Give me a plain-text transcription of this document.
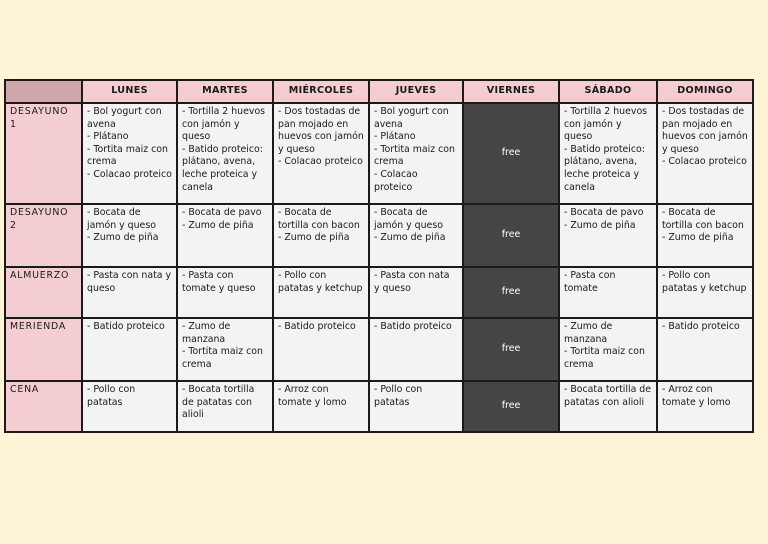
	LUNES	MARTES	MIÉRCOLES	JUEVES	VIERNES	SÁBADO	DOMINGO
DESAYUNO 1	- Bol yogurt con avena
- Plátano
- Tortita maiz con crema
- Colacao proteico	- Tortilla 2 huevos con jamón y queso
- Batido proteico: plátano, avena, leche proteica y canela	- Dos tostadas de pan mojado en huevos con jamón y queso
- Colacao proteico	- Bol yogurt con avena
- Plátano
- Tortita maiz con crema
- Colacao proteico	free	- Tortilla 2 huevos con jamón y queso
- Batido proteico: plátano, avena, leche proteica y canela	- Dos tostadas de pan mojado en huevos con jamón y queso
- Colacao proteico
DESAYUNO 2	- Bocata de jamón y queso
- Zumo de piña	- Bocata de pavo
- Zumo de piña	- Bocata de tortilla con bacon
- Zumo de piña	- Bocata de jamón y queso
- Zumo de piña	free	- Bocata de pavo
- Zumo de piña	- Bocata de tortilla con bacon
- Zumo de piña
ALMUERZO	- Pasta con nata y queso	- Pasta con tomate y queso	- Pollo con patatas y ketchup	- Pasta con nata y queso	free	- Pasta con tomate	- Pollo con patatas y ketchup
MERIENDA	- Batido proteico	- Zumo de manzana
- Tortita maiz con crema	- Batido proteico	- Batido proteico	free	- Zumo de manzana
- Tortita maiz con crema	- Batido proteico
CENA	- Pollo con patatas	- Bocata tortilla de patatas con alioli	- Arroz con tomate y lomo	- Pollo con patatas	free	- Bocata tortilla de patatas con alioli	- Arroz con tomate y lomo
